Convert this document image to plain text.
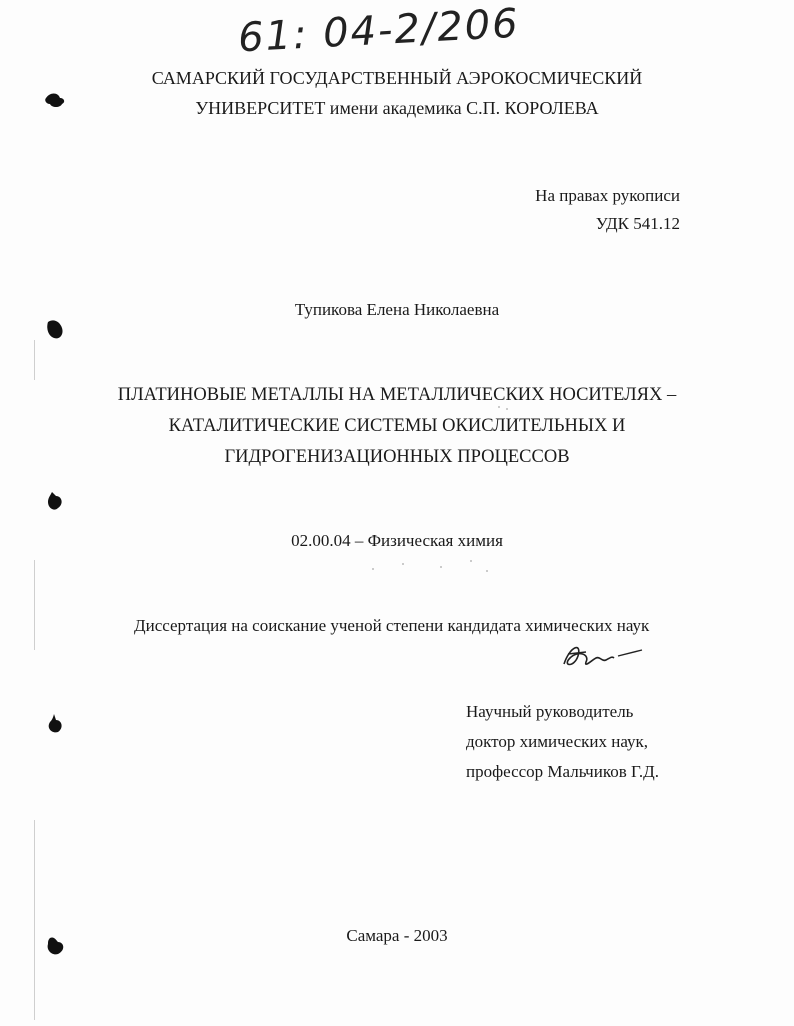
61: 04-2/206
САМАРСКИЙ ГОСУДАРСТВЕННЫЙ АЭРОКОСМИЧЕСКИЙ
УНИВЕРСИТЕТ имени академика С.П. КОРОЛЕВА
На правах рукописи
УДК 541.12
Тупикова Елена Николаевна
ПЛАТИНОВЫЕ МЕТАЛЛЫ НА МЕТАЛЛИЧЕСКИХ НОСИТЕЛЯХ –
КАТАЛИТИЧЕСКИЕ СИСТЕМЫ ОКИСЛИТЕЛЬНЫХ И
ГИДРОГЕНИЗАЦИОННЫХ ПРОЦЕССОВ
02.00.04 – Физическая химия
Диссертация на соискание ученой степени кандидата химических наук
Научный руководитель
доктор химических наук,
профессор Мальчиков Г.Д.
Самара - 2003
